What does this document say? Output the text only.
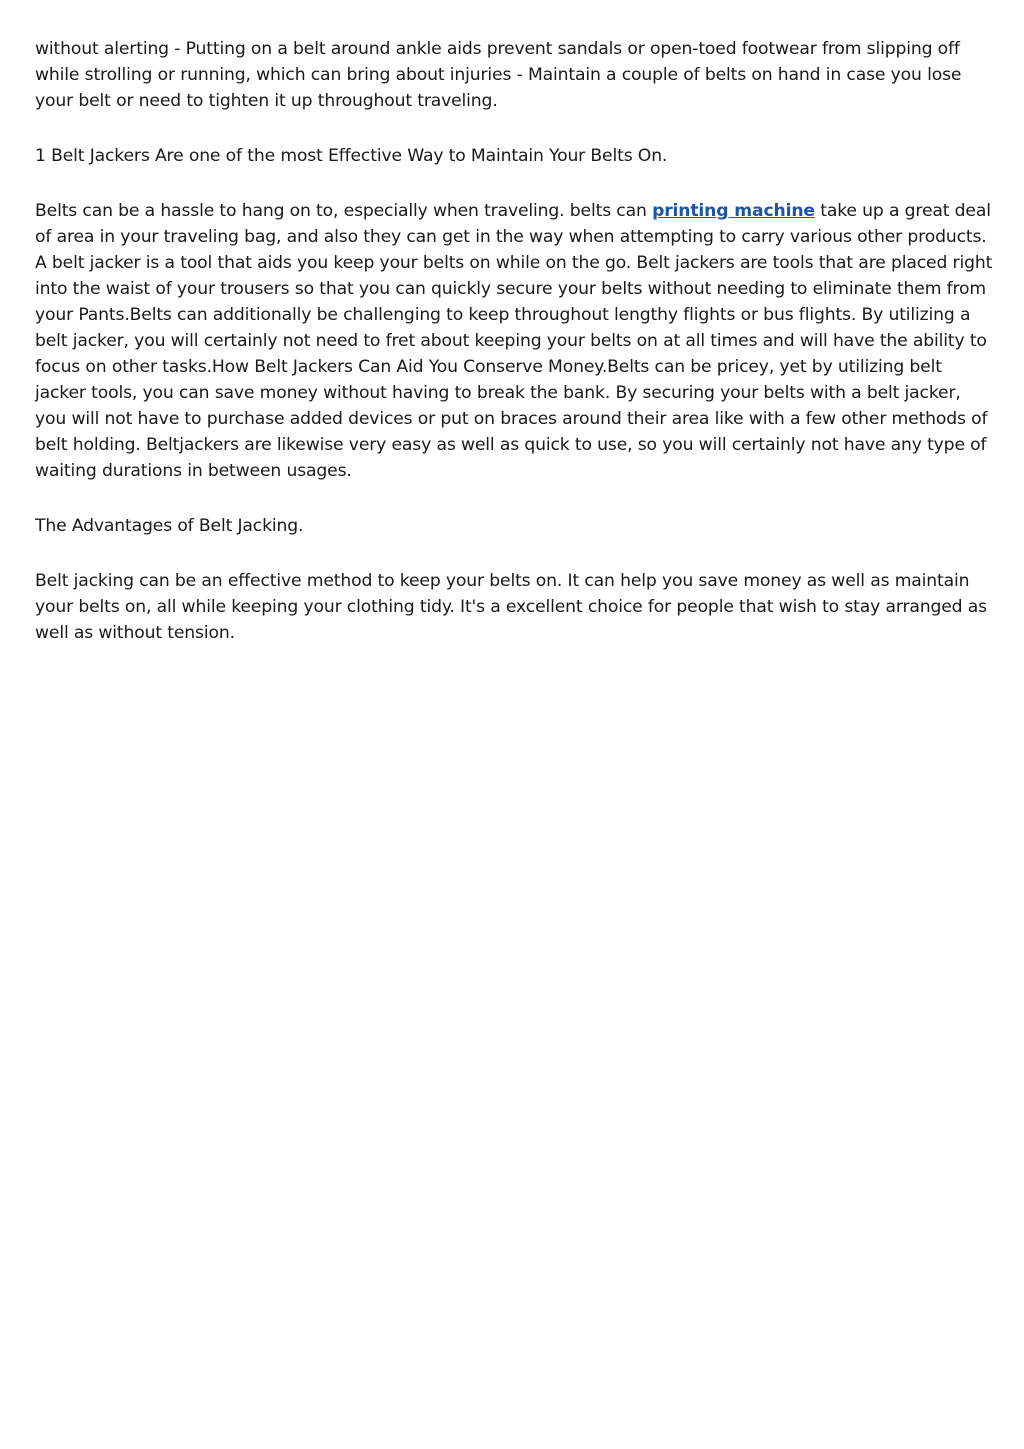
without alerting - Putting on a belt around ankle aids prevent sandals or open-toed footwear from slipping off while strolling or running, which can bring about injuries - Maintain a couple of belts on hand in case you lose your belt or need to tighten it up throughout traveling.

1 Belt Jackers Are one of the most Effective Way to Maintain Your Belts On.

Belts can be a hassle to hang on to, especially when traveling. belts can printing machine take up a great deal of area in your traveling bag, and also they can get in the way when attempting to carry various other products. A belt jacker is a tool that aids you keep your belts on while on the go. Belt jackers are tools that are placed right into the waist of your trousers so that you can quickly secure your belts without needing to eliminate them from your Pants.Belts can additionally be challenging to keep throughout lengthy flights or bus flights. By utilizing a belt jacker, you will certainly not need to fret about keeping your belts on at all times and will have the ability to focus on other tasks.How Belt Jackers Can Aid You Conserve Money.Belts can be pricey, yet by utilizing belt jacker tools, you can save money without having to break the bank. By securing your belts with a belt jacker, you will not have to purchase added devices or put on braces around their area like with a few other methods of belt holding. Beltjackers are likewise very easy as well as quick to use, so you will certainly not have any type of waiting durations in between usages.

The Advantages of Belt Jacking.

Belt jacking can be an effective method to keep your belts on. It can help you save money as well as maintain your belts on, all while keeping your clothing tidy. It's a excellent choice for people that wish to stay arranged as well as without tension.
